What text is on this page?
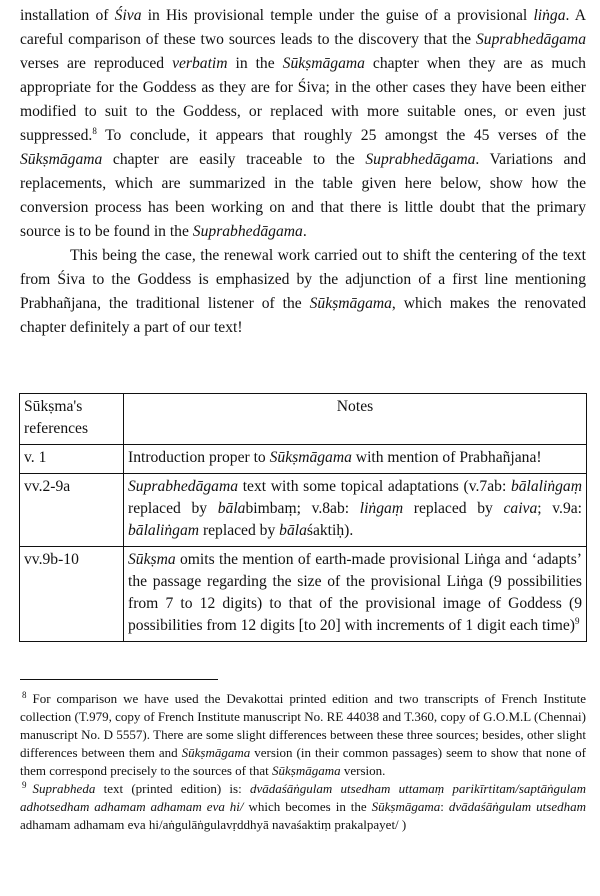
installation of Śiva in His provisional temple under the guise of a provisional liṅga. A careful comparison of these two sources leads to the discovery that the Suprabhedāgama verses are reproduced verbatim in the Sūkṣmāgama chapter when they are as much appropriate for the Goddess as they are for Śiva; in the other cases they have been either modified to suit to the Goddess, or replaced with more suitable ones, or even just suppressed.$^8$ To conclude, it appears that roughly 25 amongst the 45 verses of the Sūkṣmāgama chapter are easily traceable to the Suprabhedāgama. Variations and replacements, which are summarized in the table given here below, show how the conversion process has been working on and that there is little doubt that the primary source is to be found in the Suprabhedāgama.

This being the case, the renewal work carried out to shift the centering of the text from Śiva to the Goddess is emphasized by the adjunction of a first line mentioning Prabhañjana, the traditional listener of the Sūkṣmāgama, which makes the renovated chapter definitely a part of our text!

Sūkṣma's references	Notes
v. 1	Introduction proper to Sūkṣmāgama with mention of Prabhañjana!
vv.2-9a	Suprabhedāgama text with some topical adaptations (v.7ab: bālaliṅgaṃ replaced by bālabimbaṃ; v.8ab: liṅgaṃ replaced by caiva; v.9a: bālaliṅgam replaced by bālaśaktiḥ).
vv.9b-10	Sūkṣma omits the mention of earth-made provisional Liṅga and ‘adapts’ the passage regarding the size of the provisional Liṅga (9 possibilities from 7 to 12 digits) to that of the provisional image of Goddess (9 possibilities from 12 digits [to 20] with increments of 1 digit each time)$^9$

$^8$ For comparison we have used the Devakottai printed edition and two transcripts of French Institute collection (T.979, copy of French Institute manuscript No. RE 44038 and T.360, copy of G.O.M.L (Chennai) manuscript No. D 5557). There are some slight differences between these three sources; besides, other slight differences between them and Sūkṣmāgama version (in their common passages) seem to show that none of them correspond precisely to the sources of that Sūkṣmāgama version.

$^9$ Suprabheda text (printed edition) is: dvādaśāṅgulam utsedham uttamaṃ parikīrtitam/saptāṅgulam adhotsedham adhamam adhamam eva hi/ which becomes in the Sūkṣmāgama: dvādaśāṅgulam utsedham adhamam adhamam eva hi/aṅgulāṅgulavṛddhyā navaśaktiṃ prakalpayet/ )
